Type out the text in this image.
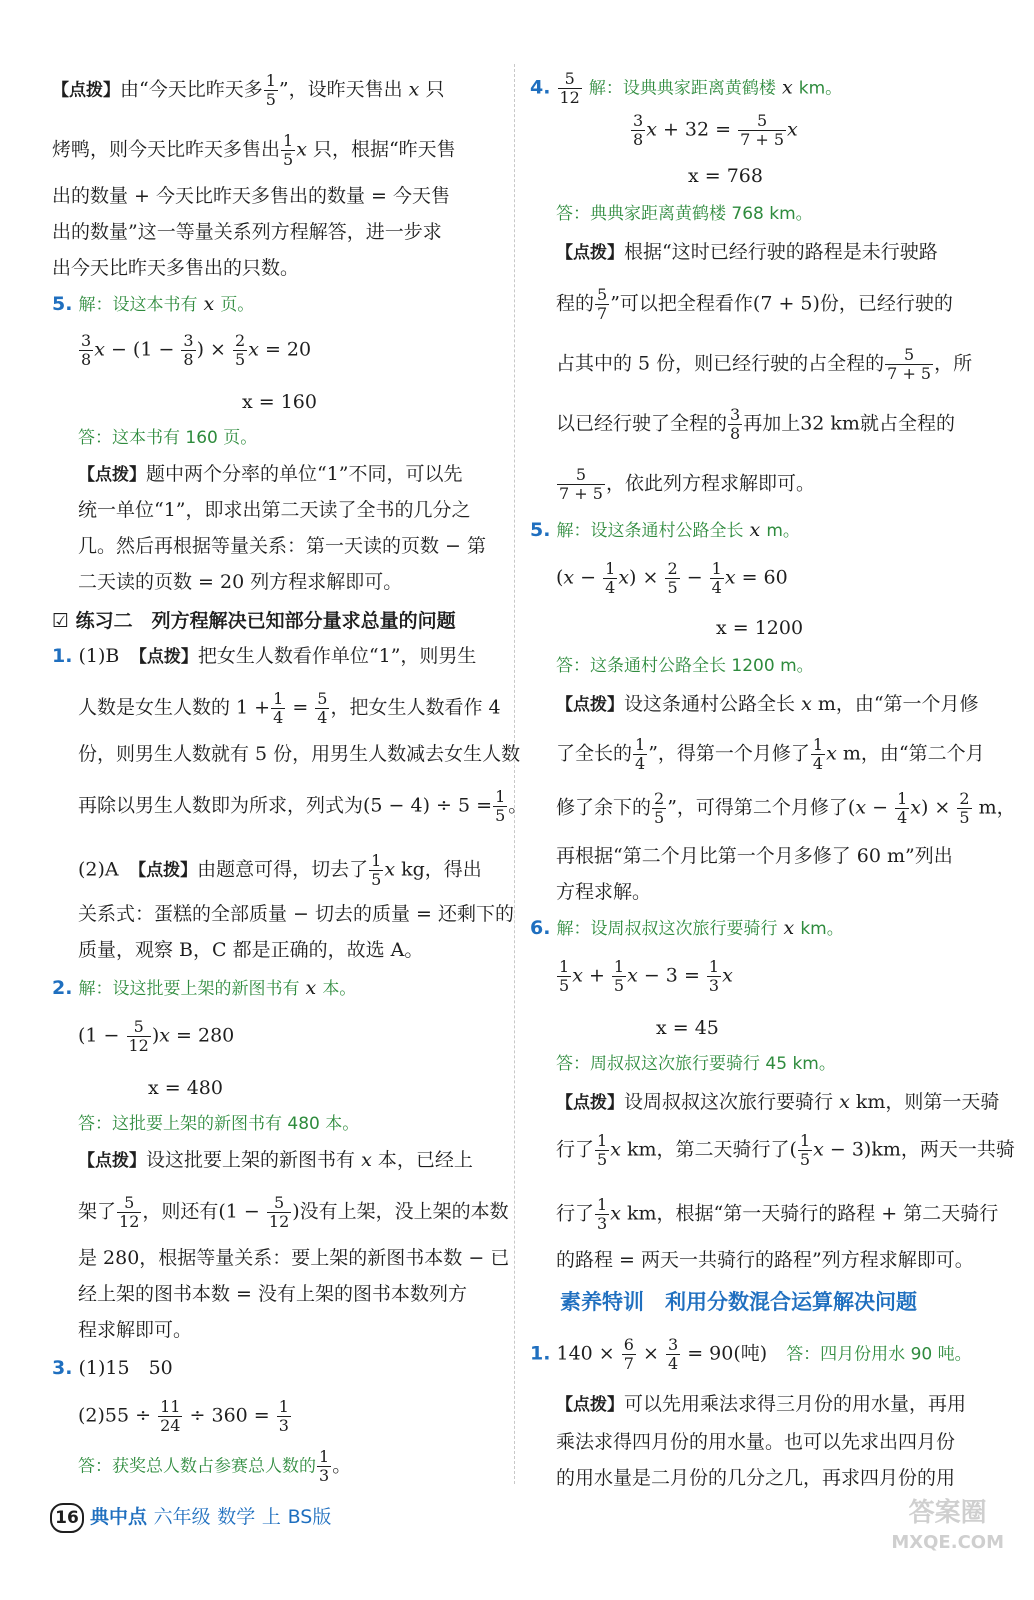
【点拨】由“今天比昨天多 $\frac{1}{5}$ ”，设昨天售出 x 只
烤鸭，则今天比昨天多售出 $\frac{1}{5}$ x 只，根据“昨天售
出的数量 + 今天比昨天多售出的数量 = 今天售
出的数量”这一等量关系列方程解答，进一步求
出今天比昨天多售出的只数。
5. 解：设这本书有 x 页。
$\frac{3}{8}$ $x - (1 - \frac{3}{8}$ ) × $\frac{2}{5}$ x = 20
x = 160
答：这本书有 160 页。
【点拨】题中两个分率的单位“1”不同，可以先
统一单位“1”，即求出第二天读了全书的几分之
几。然后再根据等量关系：第一天读的页数 − 第
二天读的页数 = 20 列方程求解即可。
☑ 练习二　列方程解决已知部分量求总量的问题
1. (1)B　 【点拨】把女生人数看作单位“1”，则男生
人数是女生人数的 $1 + \frac{1}{4} = \frac{5}{4}$ ，把女生人数看作 4
份，则男生人数就有 5 份，用男生人数减去女生人数
再除以男生人数即为所求，列式为$(5 - 4) \div 5 = \frac{1}{5}$ 。
(2)A　 【点拨】由题意可得，切去了 $\frac{1}{5}$ x kg，得出
关系式：蛋糕的全部质量 − 切去的质量 = 还剩下的
质量，观察 B，C 都是正确的，故选 A。
2. 解：设这批要上架的新图书有 x 本。
$(1 - \frac{5}{12} )x = 280$
x = 480
答：这批要上架的新图书有 480 本。
【点拨】设这批要上架的新图书有 x 本，已经上
架了 $\frac{5}{12}$ ，则还有($1 - \frac{5}{12}$ )没有上架，没上架的本数
是 280，根据等量关系：要上架的新图书本数 − 已
经上架的图书本数 = 没有上架的图书本数列方
程求解即可。
3. (1)15　50
$(2)55 \div \frac{11}{24} \div 360 = \frac{1}{3}$
答：获奖总人数占参赛总人数的 $\frac{1}{3}$ 。
4. $\frac{5}{12}$ 解：设典典家距离黄鹤楼 x km。
$\frac{3}{8}$ $x + 32 = \frac{5}{7 + 5}$ x
x = 768
答：典典家距离黄鹤楼 768 km。
【点拨】根据“这时已经行驶的路程是未行驶路
程的 $\frac{5}{7}$ ”可以把全程看作(7 + 5)份，已经行驶的
占其中的 5 份，则已经行驶的占全程的 $\frac{5}{7 + 5}$ ，所
以已经行驶了全程的 $\frac{3}{8}$ 再加上32 km就占全程的
$\frac{5}{7 + 5}$ ，依此列方程求解即可。
5. 解：设这条通村公路全长 x m。
$(x - \frac{1}{4} x) \times \frac{2}{5} - \frac{1}{4}$ x = 60
x = 1200
答：这条通村公路全长 1200 m。
【点拨】设这条通村公路全长 x m，由“第一个月修
了全长的 $\frac{1}{4}$ ”，得第一个月修了 $\frac{1}{4}$ x m，由“第二个月
修了余下的 $\frac{2}{5}$ ”，可得第二个月修了$(x - \frac{1}{4} x) \times \frac{2}{5}$ m，
再根据“第二个月比第一个月多修了 60 m”列出
方程求解。
6. 解：设周叔叔这次旅行要骑行 x km。
$\frac{1}{5}$ $x + \frac{1}{5}$ $x - 3 = \frac{1}{3}$ x
x = 45
答：周叔叔这次旅行要骑行 45 km。
【点拨】设周叔叔这次旅行要骑行 x km，则第一天骑
行了 $\frac{1}{5}$ x km，第二天骑行了( $\frac{1}{5}$ x − 3)km，两天一共骑
行了 $\frac{1}{3}$ x km，根据“第一天骑行的路程 + 第二天骑行
的路程 = 两天一共骑行的路程”列方程求解即可。
素养特训　利用分数混合运算解决问题
1. $140 \times \frac{6}{7} \times \frac{3}{4} = 90$(吨)　 答：四月份用水 90 吨。
【点拨】可以先用乘法求得三月份的用水量，再用
乘法求得四月份的用水量。也可以先求出四月份
的用水量是二月份的几分之几，再求四月份的用
16 典中点 六年级 数学 上 BS版	答案圈
MXQE.COM
